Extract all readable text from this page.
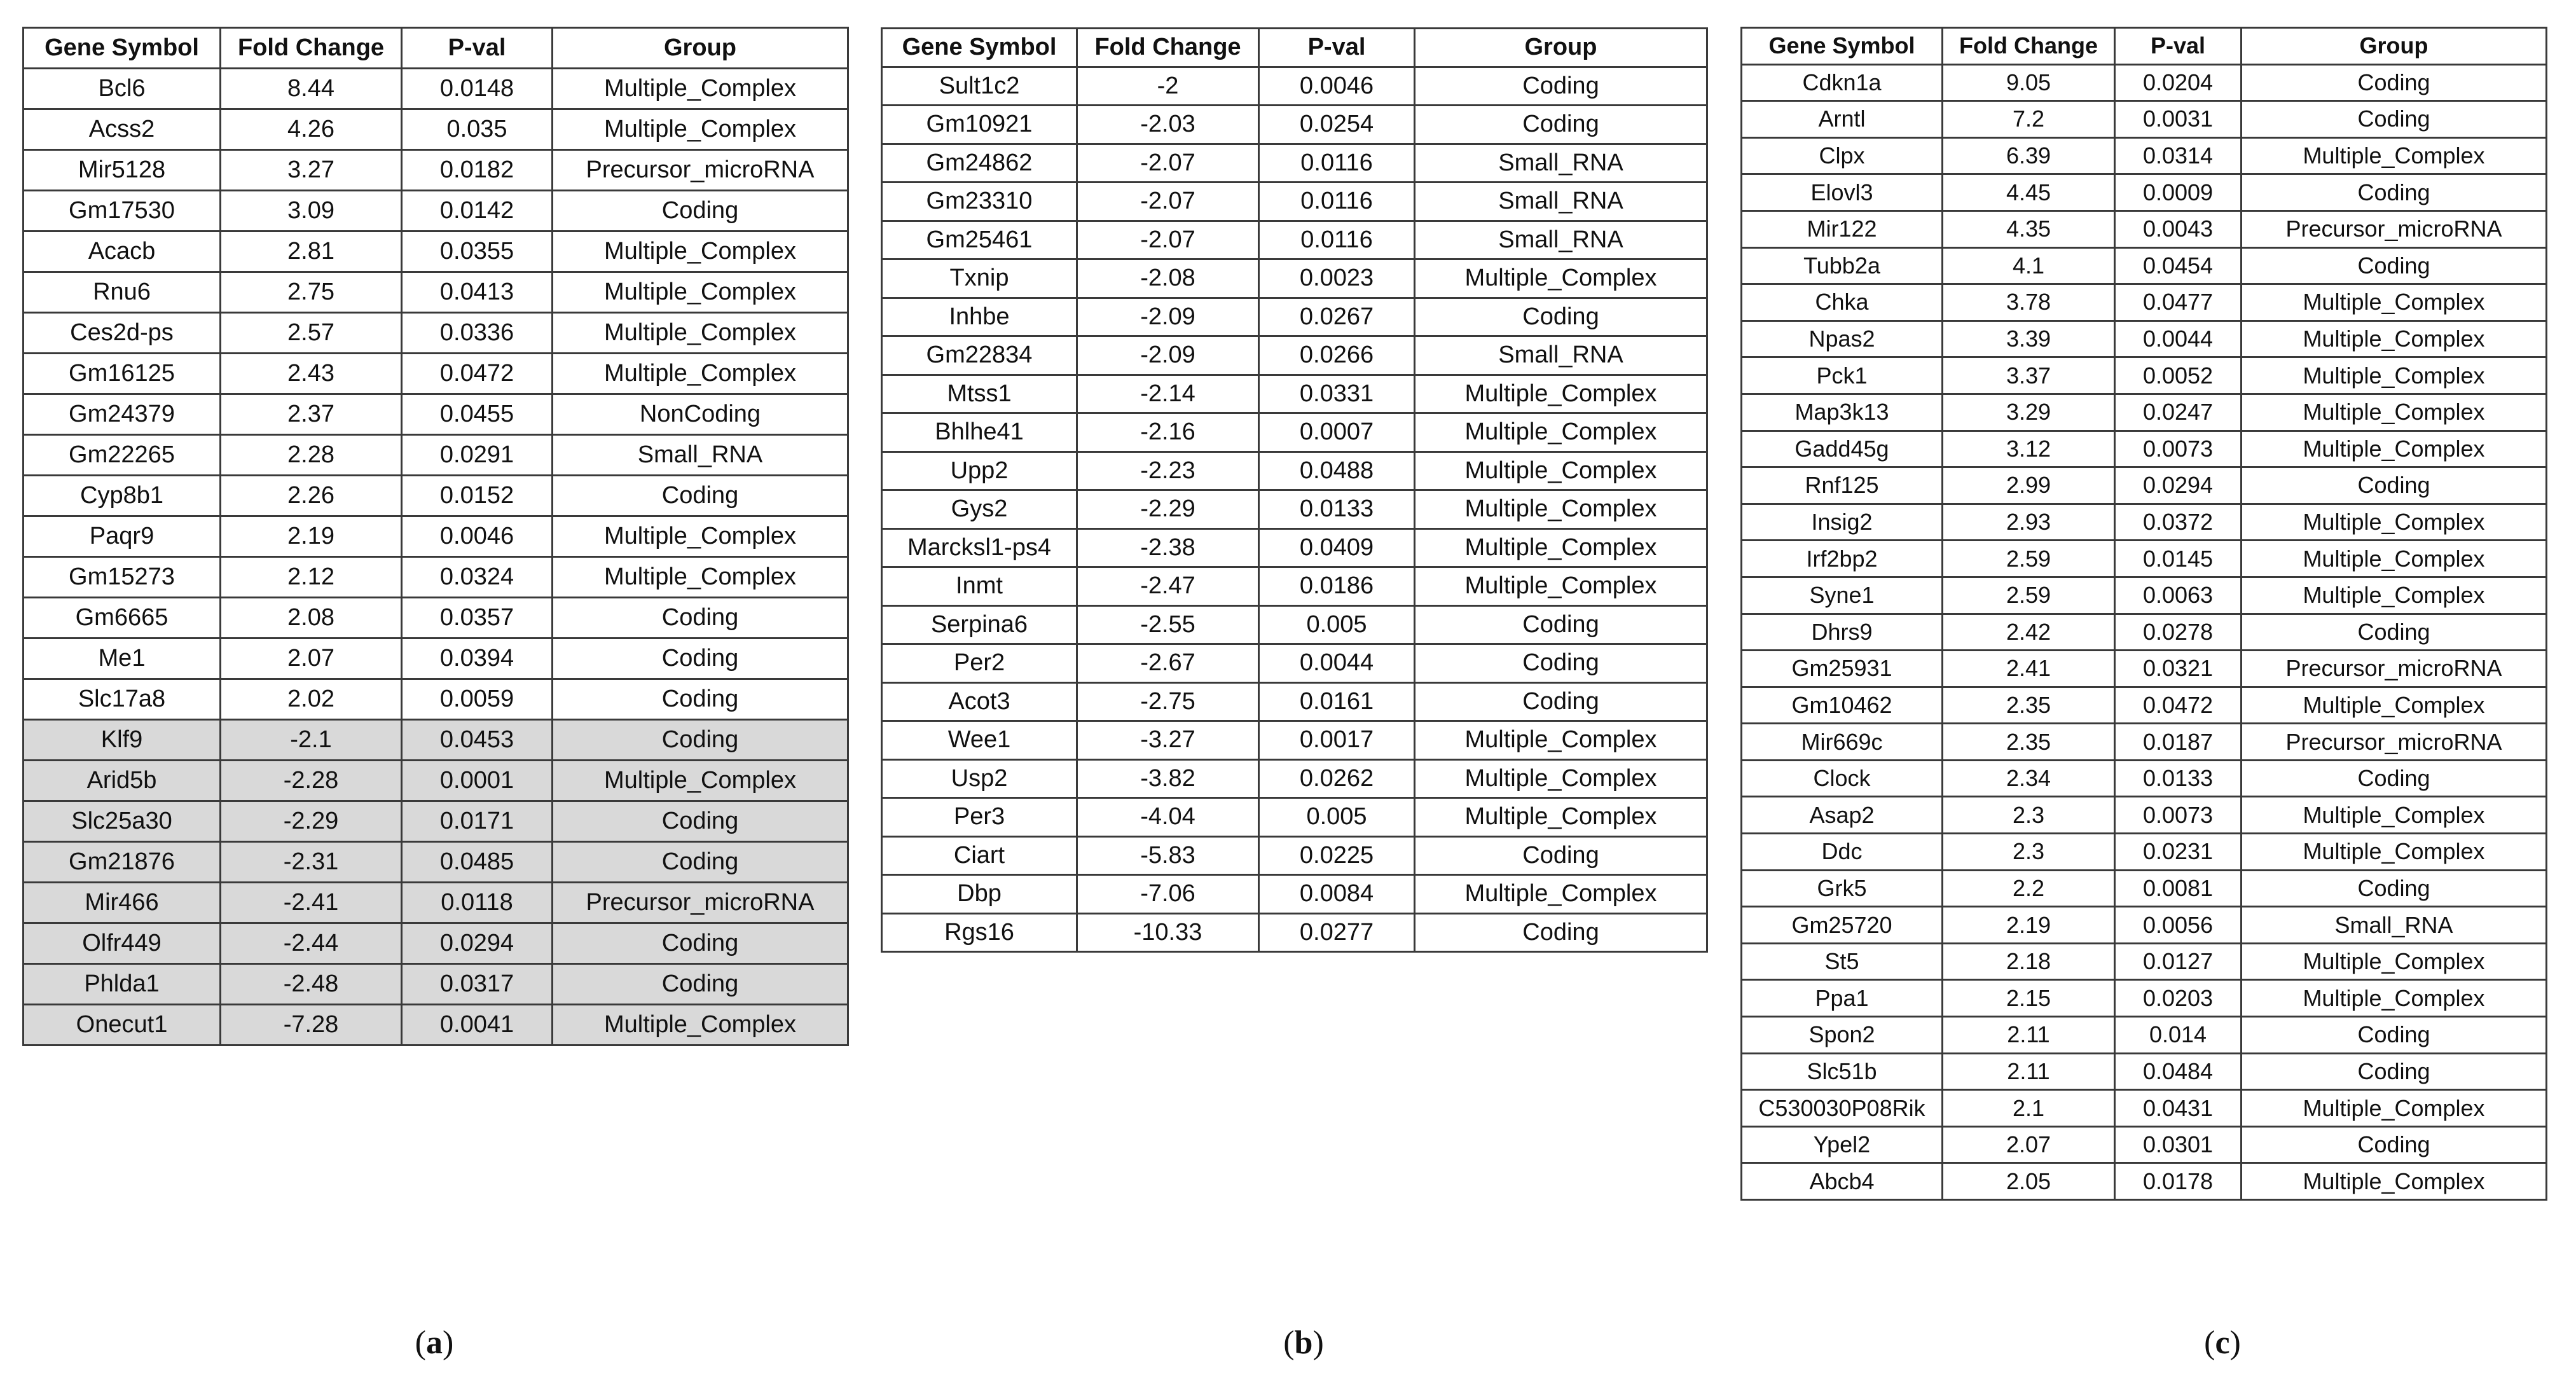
Gene Symbol	Fold Change	P-val	Group
Bcl6	8.44	0.0148	Multiple_Complex
Acss2	4.26	0.035	Multiple_Complex
Mir5128	3.27	0.0182	Precursor_microRNA
Gm17530	3.09	0.0142	Coding
Acacb	2.81	0.0355	Multiple_Complex
Rnu6	2.75	0.0413	Multiple_Complex
Ces2d-ps	2.57	0.0336	Multiple_Complex
Gm16125	2.43	0.0472	Multiple_Complex
Gm24379	2.37	0.0455	NonCoding
Gm22265	2.28	0.0291	Small_RNA
Cyp8b1	2.26	0.0152	Coding
Paqr9	2.19	0.0046	Multiple_Complex
Gm15273	2.12	0.0324	Multiple_Complex
Gm6665	2.08	0.0357	Coding
Me1	2.07	0.0394	Coding
Slc17a8	2.02	0.0059	Coding
Klf9	-2.1	0.0453	Coding
Arid5b	-2.28	0.0001	Multiple_Complex
Slc25a30	-2.29	0.0171	Coding
Gm21876	-2.31	0.0485	Coding
Mir466	-2.41	0.0118	Precursor_microRNA
Olfr449	-2.44	0.0294	Coding
Phlda1	-2.48	0.0317	Coding
Onecut1	-7.28	0.0041	Multiple_Complex
Gene Symbol	Fold Change	P-val	Group
Sult1c2	-2	0.0046	Coding
Gm10921	-2.03	0.0254	Coding
Gm24862	-2.07	0.0116	Small_RNA
Gm23310	-2.07	0.0116	Small_RNA
Gm25461	-2.07	0.0116	Small_RNA
Txnip	-2.08	0.0023	Multiple_Complex
Inhbe	-2.09	0.0267	Coding
Gm22834	-2.09	0.0266	Small_RNA
Mtss1	-2.14	0.0331	Multiple_Complex
Bhlhe41	-2.16	0.0007	Multiple_Complex
Upp2	-2.23	0.0488	Multiple_Complex
Gys2	-2.29	0.0133	Multiple_Complex
Marcksl1-ps4	-2.38	0.0409	Multiple_Complex
Inmt	-2.47	0.0186	Multiple_Complex
Serpina6	-2.55	0.005	Coding
Per2	-2.67	0.0044	Coding
Acot3	-2.75	0.0161	Coding
Wee1	-3.27	0.0017	Multiple_Complex
Usp2	-3.82	0.0262	Multiple_Complex
Per3	-4.04	0.005	Multiple_Complex
Ciart	-5.83	0.0225	Coding
Dbp	-7.06	0.0084	Multiple_Complex
Rgs16	-10.33	0.0277	Coding
Gene Symbol	Fold Change	P-val	Group
Cdkn1a	9.05	0.0204	Coding
Arntl	7.2	0.0031	Coding
Clpx	6.39	0.0314	Multiple_Complex
Elovl3	4.45	0.0009	Coding
Mir122	4.35	0.0043	Precursor_microRNA
Tubb2a	4.1	0.0454	Coding
Chka	3.78	0.0477	Multiple_Complex
Npas2	3.39	0.0044	Multiple_Complex
Pck1	3.37	0.0052	Multiple_Complex
Map3k13	3.29	0.0247	Multiple_Complex
Gadd45g	3.12	0.0073	Multiple_Complex
Rnf125	2.99	0.0294	Coding
Insig2	2.93	0.0372	Multiple_Complex
Irf2bp2	2.59	0.0145	Multiple_Complex
Syne1	2.59	0.0063	Multiple_Complex
Dhrs9	2.42	0.0278	Coding
Gm25931	2.41	0.0321	Precursor_microRNA
Gm10462	2.35	0.0472	Multiple_Complex
Mir669c	2.35	0.0187	Precursor_microRNA
Clock	2.34	0.0133	Coding
Asap2	2.3	0.0073	Multiple_Complex
Ddc	2.3	0.0231	Multiple_Complex
Grk5	2.2	0.0081	Coding
Gm25720	2.19	0.0056	Small_RNA
St5	2.18	0.0127	Multiple_Complex
Ppa1	2.15	0.0203	Multiple_Complex
Spon2	2.11	0.014	Coding
Slc51b	2.11	0.0484	Coding
C530030P08Rik	2.1	0.0431	Multiple_Complex
Ypel2	2.07	0.0301	Coding
Abcb4	2.05	0.0178	Multiple_Complex
(a)	(b)	(c)
